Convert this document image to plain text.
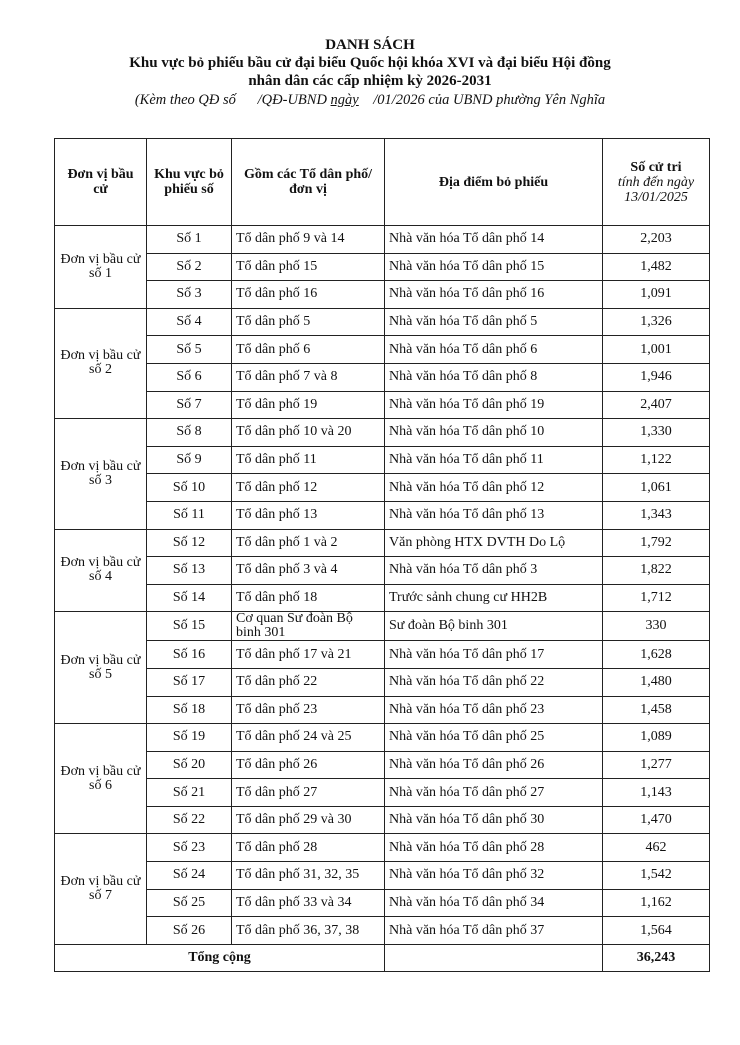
DANH SÁCH

Khu vực bỏ phiếu bầu cử đại biểu Quốc hội khóa XVI và đại biểu Hội đồng

nhân dân các cấp nhiệm kỳ 2026-2031

(Kèm theo QĐ số      /QĐ-UBND ngày    /01/2026 của UBND phường Yên Nghĩa

Đơn vị bầu cử	Khu vực bỏ phiếu số	Gồm các Tổ dân phố/ đơn vị	Địa điểm bỏ phiếu	Số cử tri
tính đến ngày 13/01/2025

Đơn vị bầu cử số 1	Số 1	Tổ dân phố 9 và 14	Nhà văn hóa Tổ dân phố 14	2,203
	Số 2	Tổ dân phố 15	Nhà văn hóa Tổ dân phố 15	1,482
	Số 3	Tổ dân phố 16	Nhà văn hóa Tổ dân phố 16	1,091
Đơn vị bầu cử số 2	Số 4	Tổ dân phố 5	Nhà văn hóa Tổ dân phố 5	1,326
	Số 5	Tổ dân phố 6	Nhà văn hóa Tổ dân phố 6	1,001
	Số 6	Tổ dân phố 7 và 8	Nhà văn hóa Tổ dân phố 8	1,946
	Số 7	Tổ dân phố 19	Nhà văn hóa Tổ dân phố 19	2,407
Đơn vị bầu cử số 3	Số 8	Tổ dân phố 10 và 20	Nhà văn hóa Tổ dân phố 10	1,330
	Số 9	Tổ dân phố 11	Nhà văn hóa Tổ dân phố 11	1,122
	Số 10	Tổ dân phố 12	Nhà văn hóa Tổ dân phố 12	1,061
	Số 11	Tổ dân phố 13	Nhà văn hóa Tổ dân phố 13	1,343
Đơn vị bầu cử số 4	Số 12	Tổ dân phố 1 và 2	Văn phòng HTX DVTH Do Lộ	1,792
	Số 13	Tổ dân phố 3 và 4	Nhà văn hóa Tổ dân phố 3	1,822
	Số 14	Tổ dân phố 18	Trước sảnh chung cư HH2B	1,712
Đơn vị bầu cử số 5	Số 15	Cơ quan Sư đoàn Bộ binh 301	Sư đoàn Bộ binh 301	330
	Số 16	Tổ dân phố 17 và 21	Nhà văn hóa Tổ dân phố 17	1,628
	Số 17	Tổ dân phố 22	Nhà văn hóa Tổ dân phố 22	1,480
	Số 18	Tổ dân phố 23	Nhà văn hóa Tổ dân phố 23	1,458
Đơn vị bầu cử số 6	Số 19	Tổ dân phố 24 và 25	Nhà văn hóa Tổ dân phố 25	1,089
	Số 20	Tổ dân phố 26	Nhà văn hóa Tổ dân phố 26	1,277
	Số 21	Tổ dân phố 27	Nhà văn hóa Tổ dân phố 27	1,143
	Số 22	Tổ dân phố 29 và 30	Nhà văn hóa Tổ dân phố 30	1,470
Đơn vị bầu cử số 7	Số 23	Tổ dân phố 28	Nhà văn hóa Tổ dân phố 28	462
	Số 24	Tổ dân phố 31, 32, 35	Nhà văn hóa Tổ dân phố 32	1,542
	Số 25	Tổ dân phố 33 và 34	Nhà văn hóa Tổ dân phố 34	1,162
	Số 26	Tổ dân phố 36, 37, 38	Nhà văn hóa Tổ dân phố 37	1,564
Tổng cộng				36,243
